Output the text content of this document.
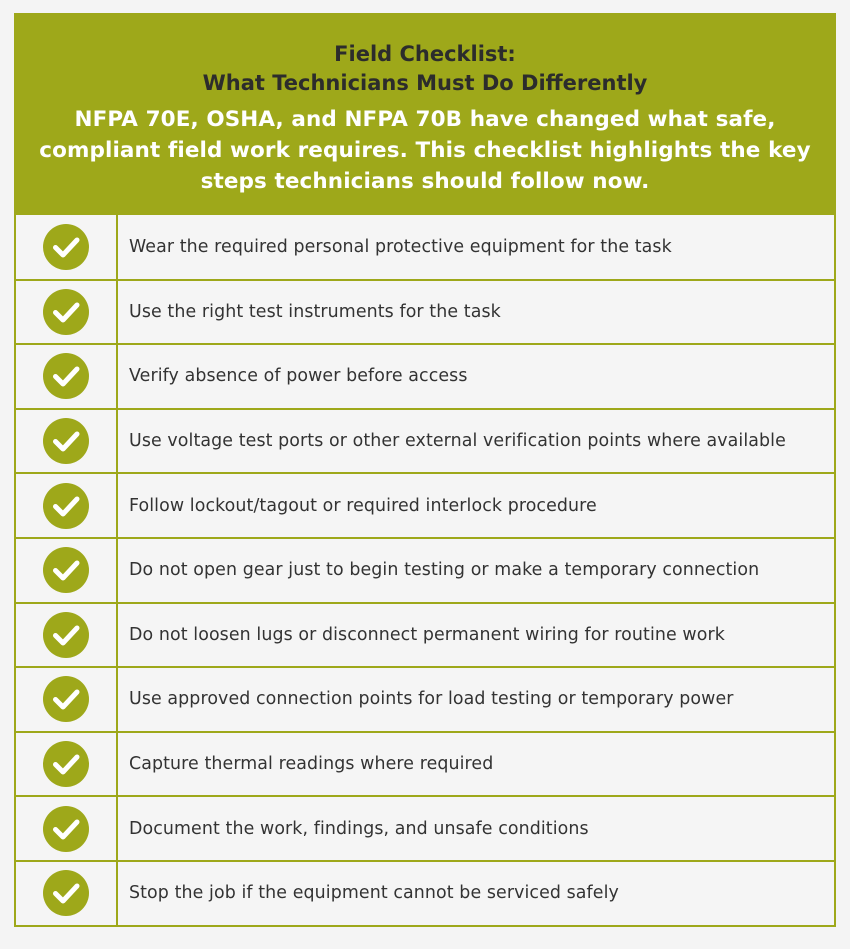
Field Checklist:
What Technicians Must Do Differently
NFPA 70E, OSHA, and NFPA 70B have changed what safe, compliant field work requires. This checklist highlights the key steps technicians should follow now.
Wear the required personal protective equipment for the task
Use the right test instruments for the task
Verify absence of power before access
Use voltage test ports or other external verification points where available
Follow lockout/tagout or required interlock procedure
Do not open gear just to begin testing or make a temporary connection
Do not loosen lugs or disconnect permanent wiring for routine work
Use approved connection points for load testing or temporary power
Capture thermal readings where required
Document the work, findings, and unsafe conditions
Stop the job if the equipment cannot be serviced safely
